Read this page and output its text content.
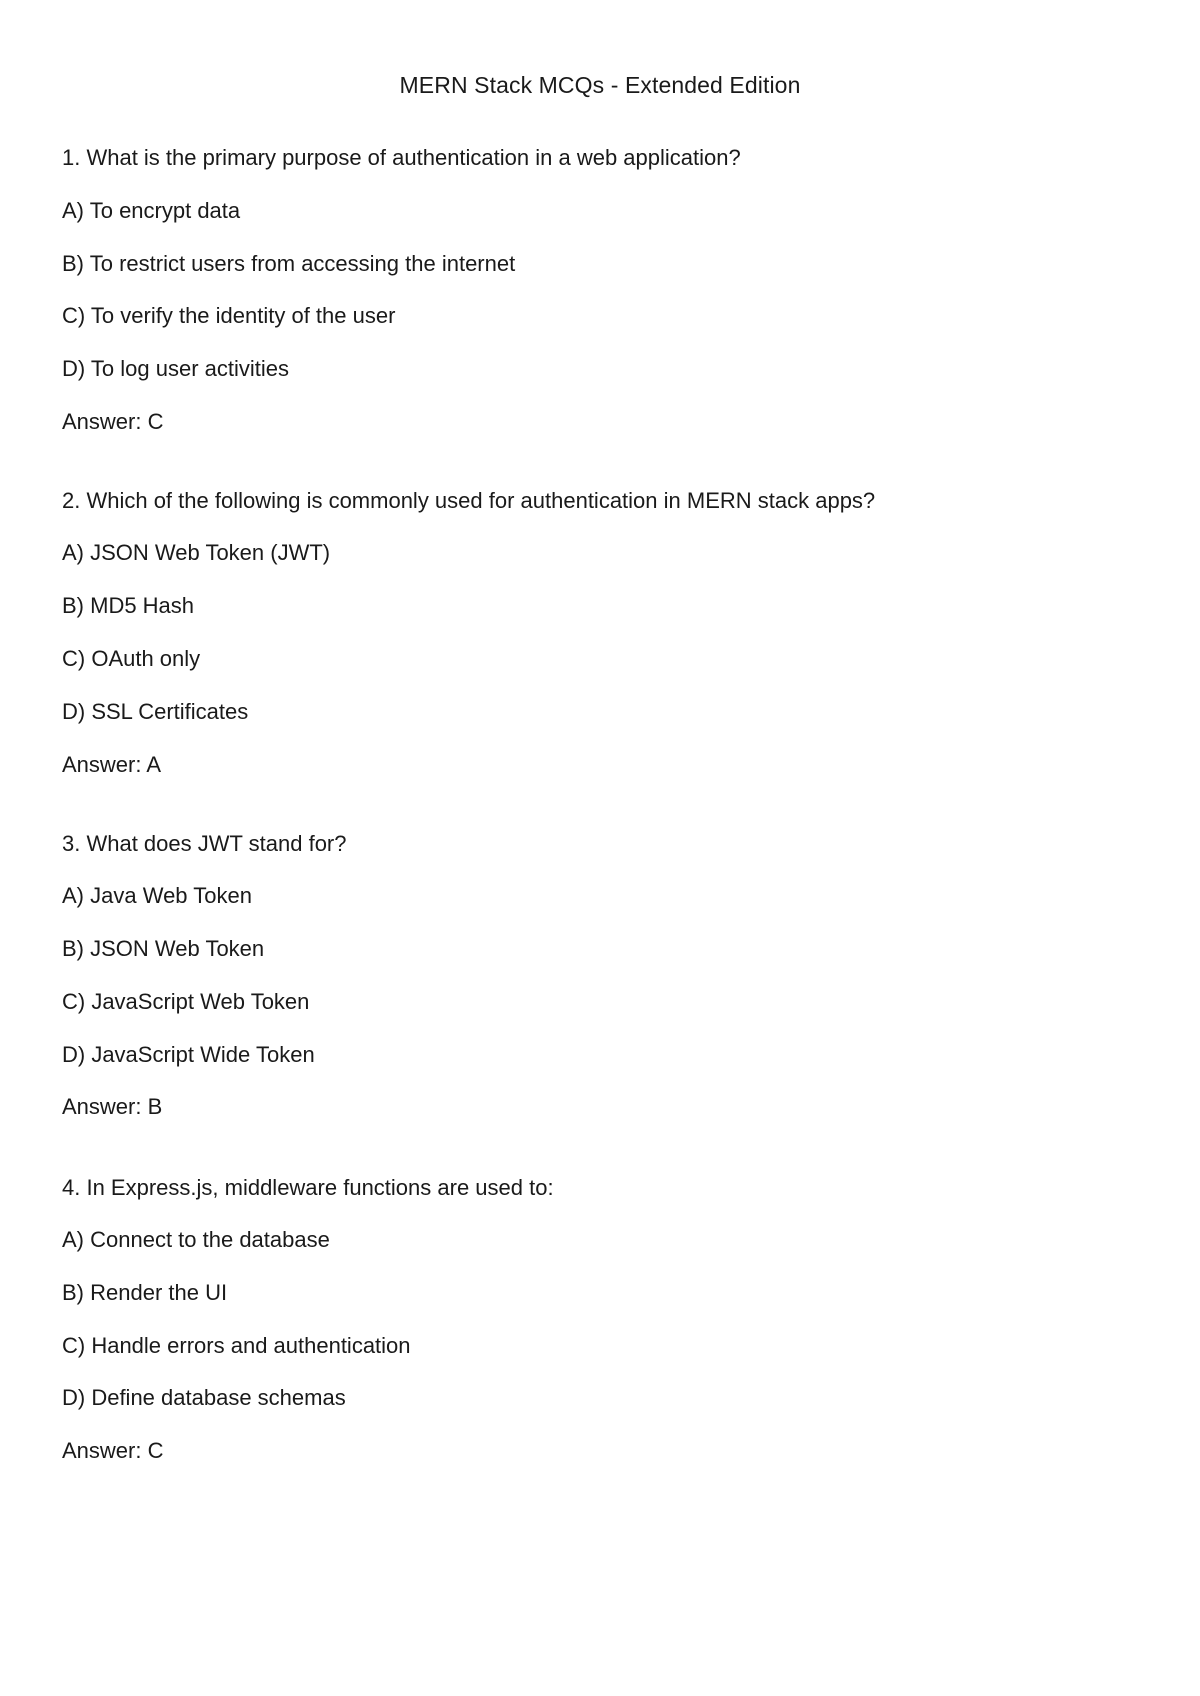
MERN Stack MCQs - Extended Edition
1. What is the primary purpose of authentication in a web application?
A) To encrypt data
B) To restrict users from accessing the internet
C) To verify the identity of the user
D) To log user activities
Answer: C
2. Which of the following is commonly used for authentication in MERN stack apps?
A) JSON Web Token (JWT)
B) MD5 Hash
C) OAuth only
D) SSL Certificates
Answer: A
3. What does JWT stand for?
A) Java Web Token
B) JSON Web Token
C) JavaScript Web Token
D) JavaScript Wide Token
Answer: B
4. In Express.js, middleware functions are used to:
A) Connect to the database
B) Render the UI
C) Handle errors and authentication
D) Define database schemas
Answer: C
